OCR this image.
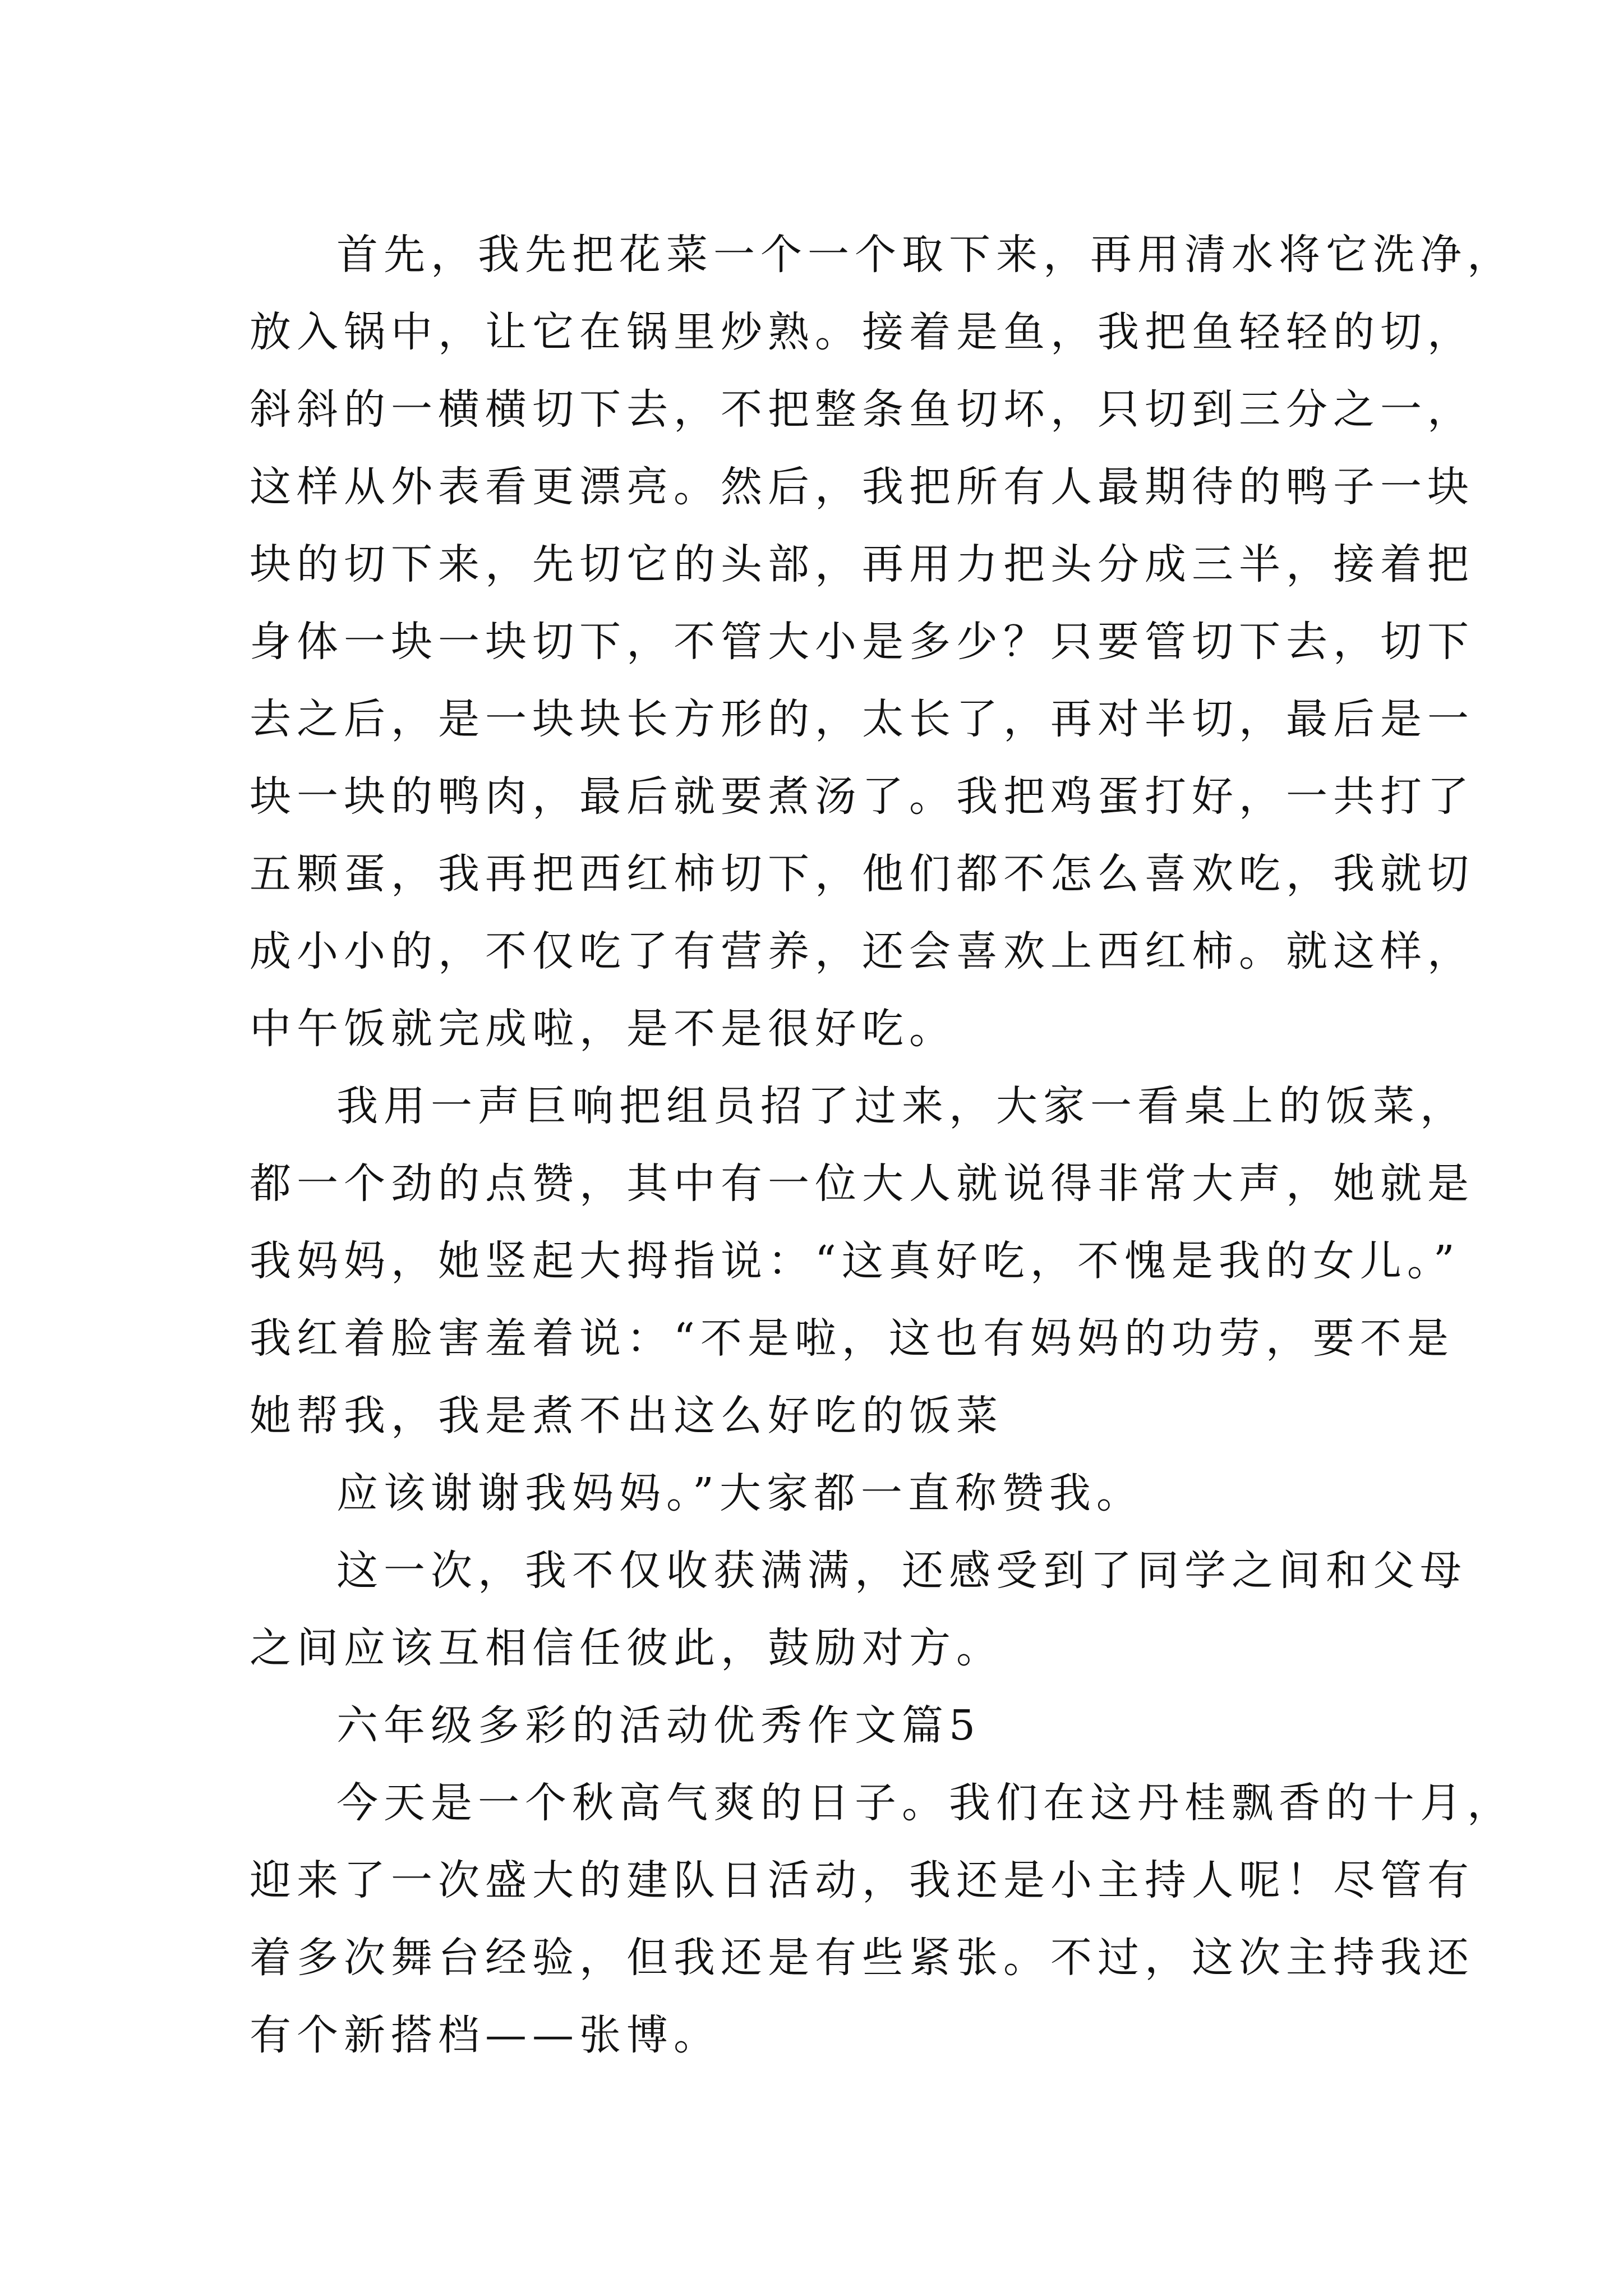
首先，我先把花菜一个一个取下来，再用清水将它洗净，
放入锅中，让它在锅里炒熟。接着是鱼，我把鱼轻轻的切，
斜斜的一横横切下去，不把整条鱼切坏，只切到三分之一，
这样从外表看更漂亮。然后，我把所有人最期待的鸭子一块
块的切下来，先切它的头部，再用力把头分成三半，接着把
身体一块一块切下，不管大小是多少？只要管切下去，切下
去之后，是一块块长方形的，太长了，再对半切，最后是一
块一块的鸭肉，最后就要煮汤了。我把鸡蛋打好，一共打了
五颗蛋，我再把西红柿切下，他们都不怎么喜欢吃，我就切
成小小的，不仅吃了有营养，还会喜欢上西红柿。就这样，
中午饭就完成啦，是不是很好吃。
我用一声巨响把组员招了过来，大家一看桌上的饭菜，
都一个劲的点赞，其中有一位大人就说得非常大声，她就是
我妈妈，她竖起大拇指说：“这真好吃，不愧是我的女儿。”
我红着脸害羞着说：“不是啦，这也有妈妈的功劳，要不是
她帮我，我是煮不出这么好吃的饭菜
应该谢谢我妈妈。”大家都一直称赞我。
这一次，我不仅收获满满，还感受到了同学之间和父母
之间应该互相信任彼此，鼓励对方。
六年级多彩的活动优秀作文篇5
今天是一个秋高气爽的日子。我们在这丹桂飘香的十月，
迎来了一次盛大的建队日活动，我还是小主持人呢！尽管有
着多次舞台经验，但我还是有些紧张。不过，这次主持我还
有个新搭档——张博。
